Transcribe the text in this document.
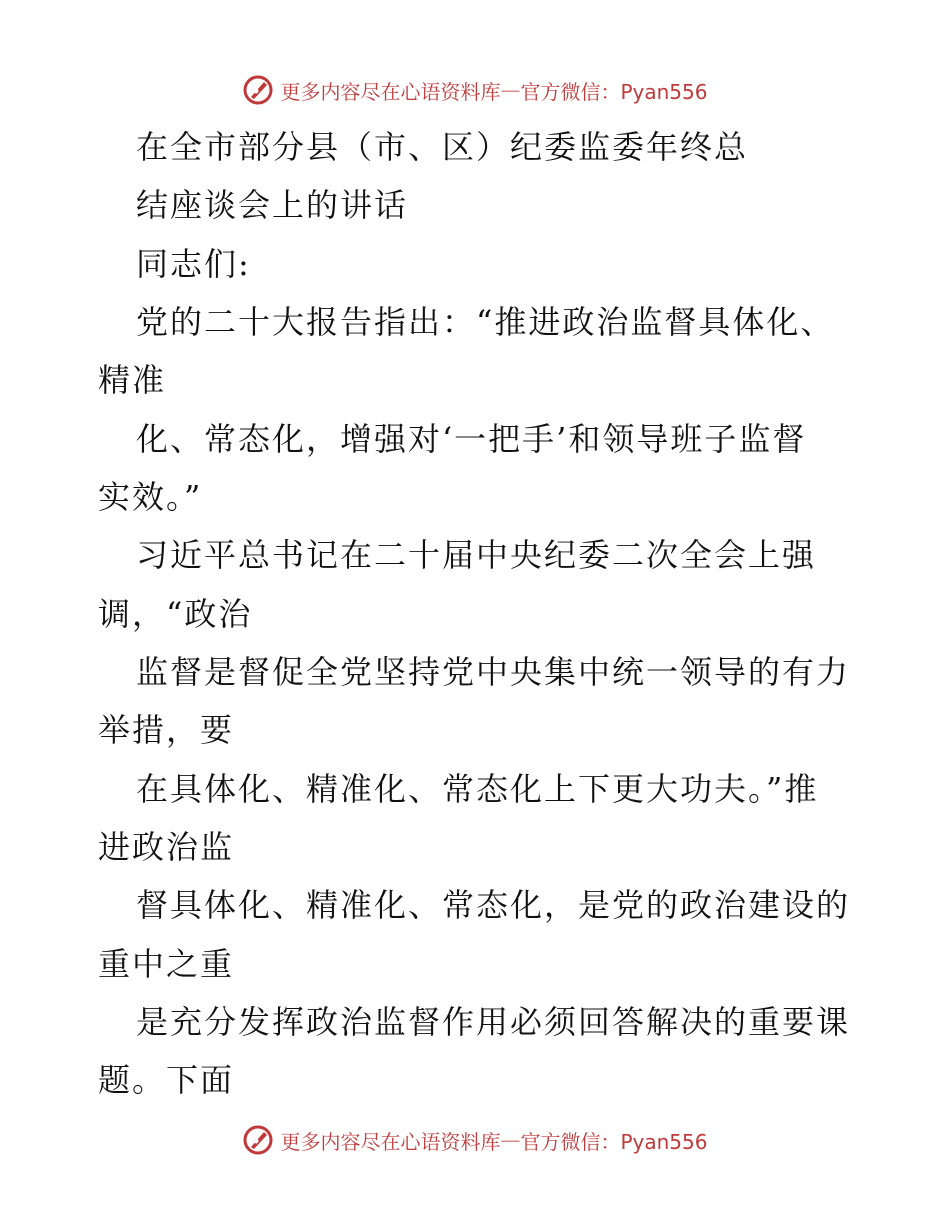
更多内容尽在心语资料库 — 官方微信：Pyan556
在全市部分县（市、区）纪委监委年终总
结座谈会上的讲话
同志们:
党的二十大报告指出：“推进政治监督具体化、
精准
化、常态化，增强对‘一把手’和领导班子监督
实效。”
习近平总书记在二十届中央纪委二次全会上强
调，“政治
监督是督促全党坚持党中央集中统一领导的有力
举措，要
在具体化、精准化、常态化上下更大功夫。”推
进政治监
督具体化、精准化、常态化，是党的政治建设的
重中之重
是充分发挥政治监督作用必须回答解决的重要课
题。下面
更多内容尽在心语资料库 — 官方微信：Pyan556
